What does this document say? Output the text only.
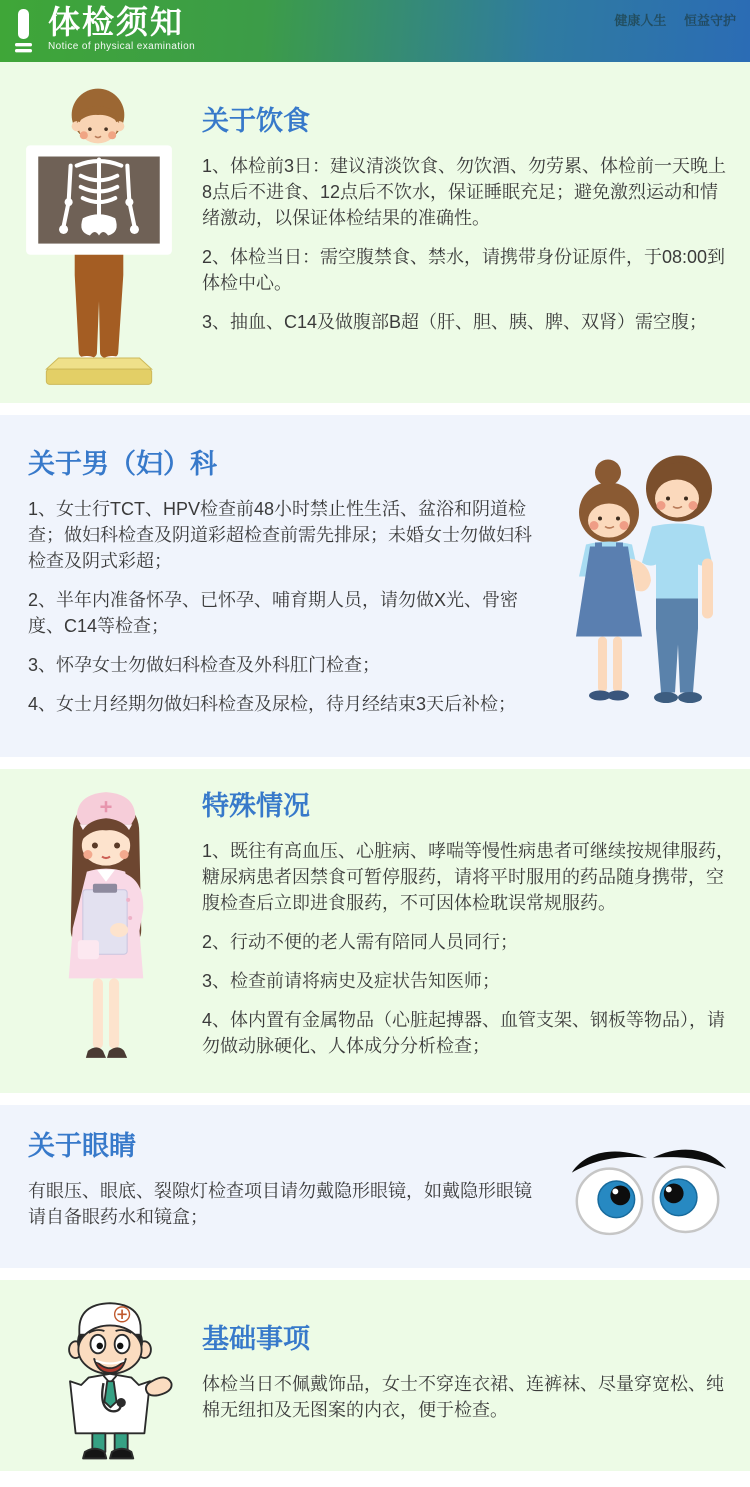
体检须知
Notice of physical examination
健康人生 恒益守护
关于饮食

1、体检前3日：建议清淡饮食、勿饮酒、勿劳累、体检前一天晚上8点后不进食、12点后不饮水，保证睡眠充足；避免激烈运动和情绪激动，以保证体检结果的准确性。

2、体检当日：需空腹禁食、禁水，请携带身份证原件，于08:00到体检中心。

3、抽血、C14及做腹部B超（肝、胆、胰、脾、双肾）需空腹；

关于男（妇）科

1、女士行TCT、HPV检查前48小时禁止性生活、盆浴和阴道检查；做妇科检查及阴道彩超检查前需先排尿；未婚女士勿做妇科检查及阴式彩超；

2、半年内准备怀孕、已怀孕、哺育期人员，请勿做X光、骨密度、C14等检查；

3、怀孕女士勿做妇科检查及外科肛门检查；

4、女士月经期勿做妇科检查及尿检，待月经结束3天后补检；

特殊情况

1、既往有高血压、心脏病、哮喘等慢性病患者可继续按规律服药，糖尿病患者因禁食可暂停服药，请将平时服用的药品随身携带，空腹检查后立即进食服药，不可因体检耽误常规服药。

2、行动不便的老人需有陪同人员同行；

3、检查前请将病史及症状告知医师；

4、体内置有金属物品（心脏起搏器、血管支架、钢板等物品），请勿做动脉硬化、人体成分分析检查；

关于眼睛

有眼压、眼底、裂隙灯检查项目请勿戴隐形眼镜，如戴隐形眼镜请自备眼药水和镜盒；

基础事项

体检当日不佩戴饰品，女士不穿连衣裙、连裤袜、尽量穿宽松、纯棉无纽扣及无图案的内衣，便于检查。
